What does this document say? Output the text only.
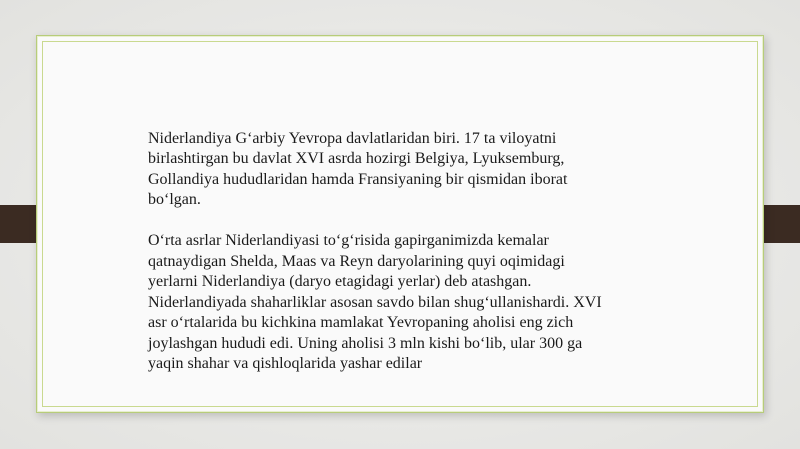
Niderlandiya G‘arbiy Yevropa davlatlaridan biri. 17 ta viloyatni birlashtirgan bu davlat XVI asrda hozirgi Belgiya, Lyuksemburg, Gollandiya hududlaridan hamda Fransiyaning bir qismidan iborat bo‘lgan.

O‘rta asrlar Niderlandiyasi to‘g‘risida gapirganimizda kemalar qatnaydigan Shelda, Maas va Reyn daryolarining quyi oqimidagi yerlarni Niderlandiya (daryo etagidagi yerlar) deb atashgan. Niderlandiyada shaharliklar asosan savdo bilan shug‘ullanishardi. XVI asr o‘rtalarida bu kichkina mamlakat Yevropaning aholisi eng zich joylashgan hududi edi. Uning aholisi 3 mln kishi bo‘lib, ular 300 ga yaqin shahar va qishloqlarida yashar edilar
